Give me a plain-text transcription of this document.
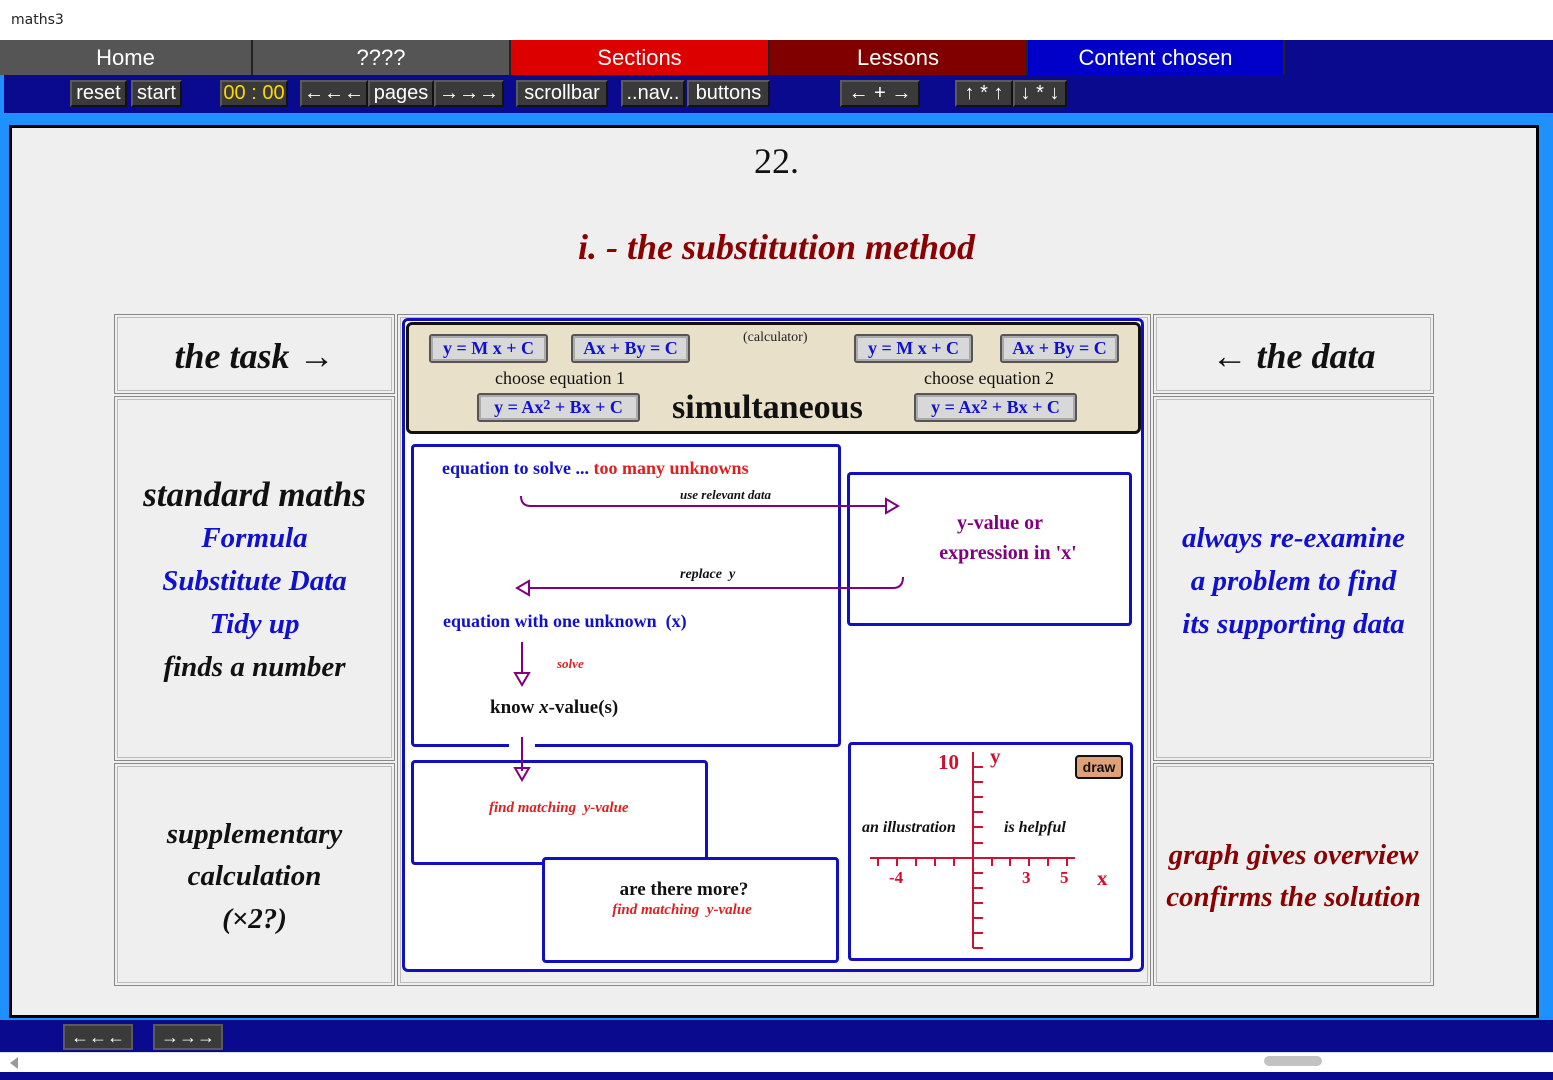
maths3
Home	????	Sections	Lessons	Content chosen
reset start	00 : 00 ←←← pages →→→	scrollbar	..nav.. buttons	← + →	↑ * ↑ ↓ * ↓
22.
i. - the substitution method
the task →
standard maths
Formula
Substitute Data
Tidy up
finds a number
supplementary
calculation
(×2?)
← the data
always re-examine
a problem to find
its supporting data
graph gives overview
confirms the solution
(calculator)
y = M x + C	Ax + By = C	y = M x + C	Ax + By = C
choose equation 1	choose equation 2
$y = Ax^2 + Bx + C$	$y = Ax^2 + Bx + C$
simultaneous
equation to solve ... too many unknowns
use relevant data
replace  y
y-value or
expression in 'x'
equation with one unknown  (x)
solve
know x-value(s)
find matching  y-value
are there more?
find matching  y-value
10 y
x
-4	3 5
an illustration	is helpful
draw
←←←	→→→
